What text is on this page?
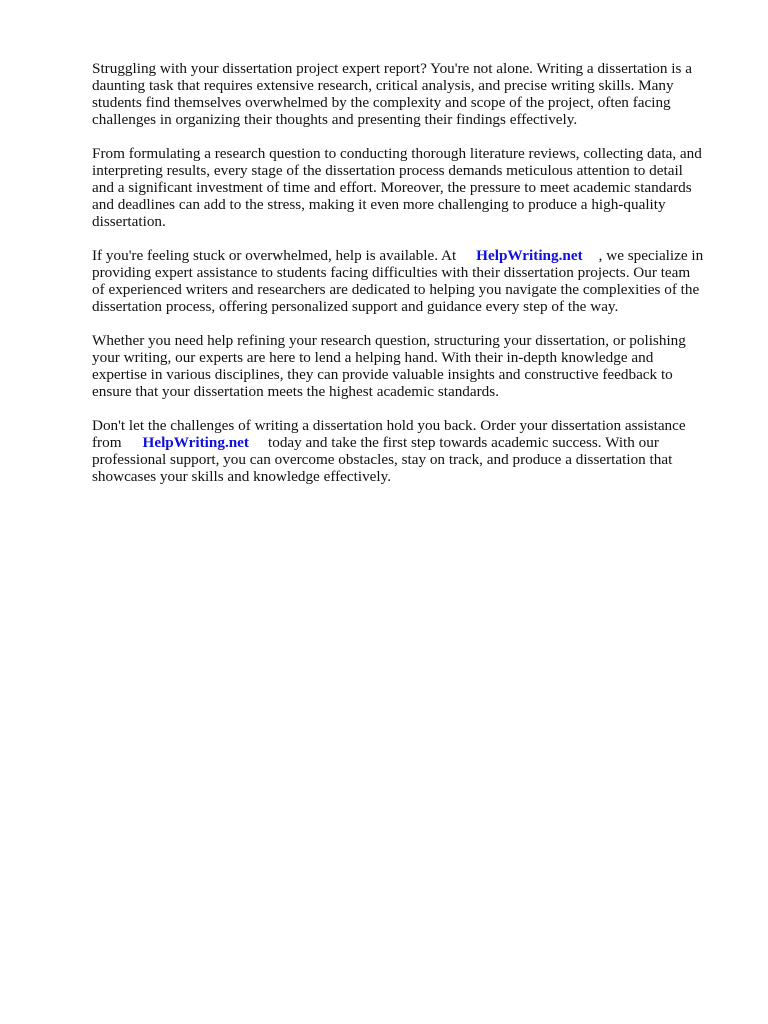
Struggling with your dissertation project expert report? You're not alone. Writing a dissertation is a
daunting task that requires extensive research, critical analysis, and precise writing skills. Many
students find themselves overwhelmed by the complexity and scope of the project, often facing
challenges in organizing their thoughts and presenting their findings effectively.

From formulating a research question to conducting thorough literature reviews, collecting data, and
interpreting results, every stage of the dissertation process demands meticulous attention to detail
and a significant investment of time and effort. Moreover, the pressure to meet academic standards
and deadlines can add to the stress, making it even more challenging to produce a high-quality
dissertation.

If you're feeling stuck or overwhelmed, help is available. At HelpWriting.net , we specialize in
providing expert assistance to students facing difficulties with their dissertation projects. Our team
of experienced writers and researchers are dedicated to helping you navigate the complexities of the
dissertation process, offering personalized support and guidance every step of the way.

Whether you need help refining your research question, structuring your dissertation, or polishing
your writing, our experts are here to lend a helping hand. With their in-depth knowledge and
expertise in various disciplines, they can provide valuable insights and constructive feedback to
ensure that your dissertation meets the highest academic standards.

Don't let the challenges of writing a dissertation hold you back. Order your dissertation assistance
from HelpWriting.net today and take the first step towards academic success. With our
professional support, you can overcome obstacles, stay on track, and produce a dissertation that
showcases your skills and knowledge effectively.
